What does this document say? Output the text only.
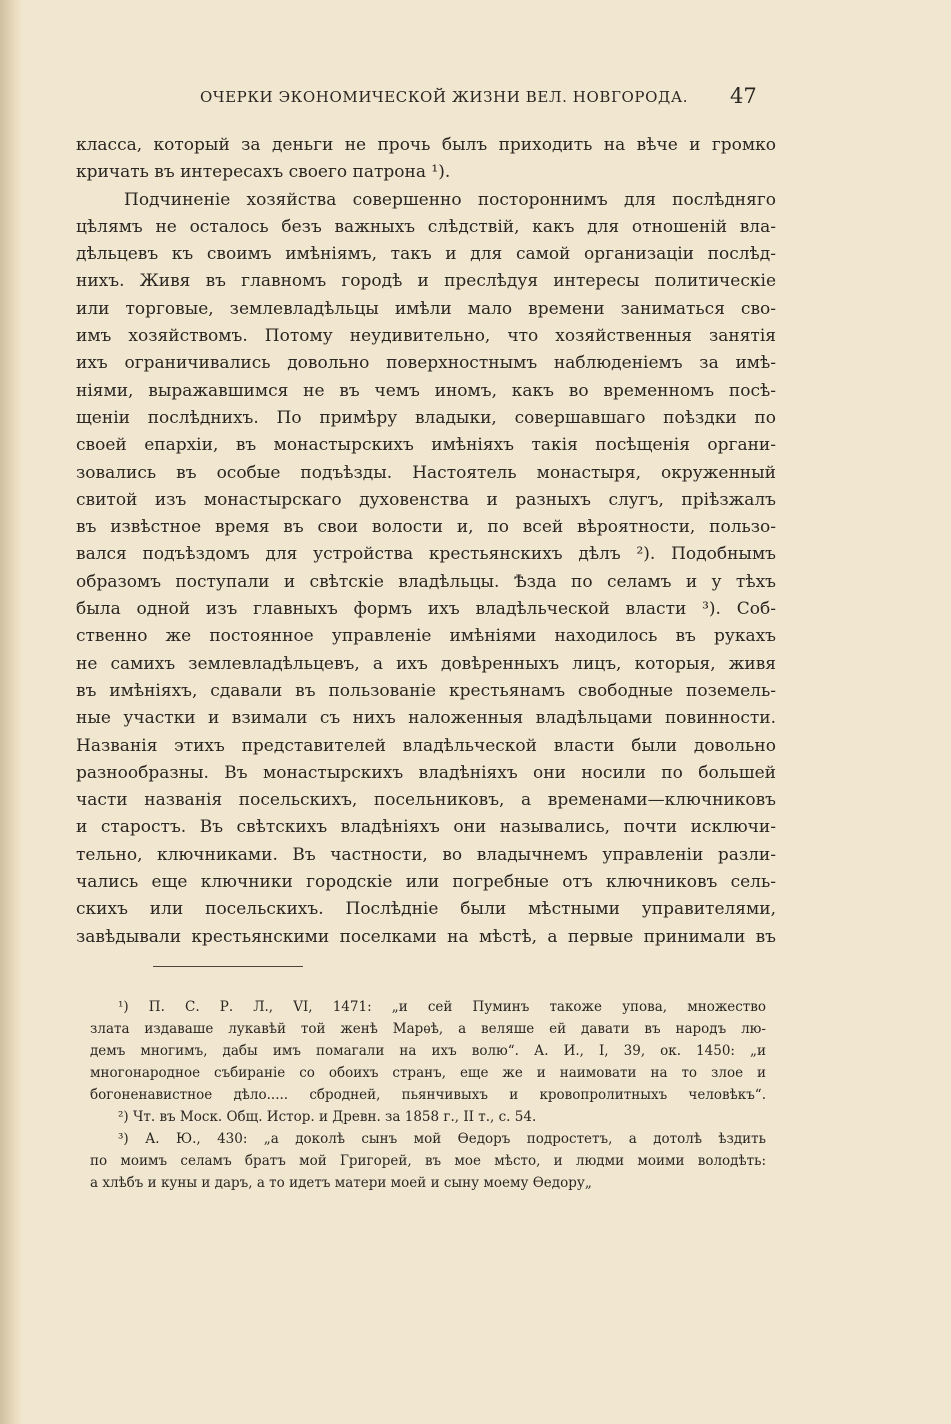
ОЧЕРКИ ЭКОНОМИЧЕСКОЙ ЖИЗНИ ВЕЛ. НОВГОРОДА. 47
класса, который за деньги не прочь былъ приходить на вѣче и громко
кричать въ интересахъ своего патрона ¹).
Подчиненіе хозяйства совершенно постороннимъ для послѣдняго
цѣлямъ не осталось безъ важныхъ слѣдствій, какъ для отношеній вла-
дѣльцевъ къ своимъ имѣніямъ, такъ и для самой организаціи послѣд-
нихъ. Живя въ главномъ городѣ и преслѣдуя интересы политическіе
или торговые, землевладѣльцы имѣли мало времени заниматься сво-
имъ хозяйствомъ. Потому неудивительно, что хозяйственныя занятія
ихъ ограничивались довольно поверхностнымъ наблюденіемъ за имѣ-
ніями, выражавшимся не въ чемъ иномъ, какъ во временномъ посѣ-
щеніи послѣднихъ. По примѣру владыки, совершавшаго поѣздки по
своей епархіи, въ монастырскихъ имѣніяхъ такія посѣщенія органи-
зовались въ особые подъѣзды. Настоятель монастыря, окруженный
свитой изъ монастырскаго духовенства и разныхъ слугъ, пріѣзжалъ
въ извѣстное время въ свои волости и, по всей вѣроятности, пользо-
вался подъѣздомъ для устройства крестьянскихъ дѣлъ ²). Подобнымъ
образомъ поступали и свѣтскіе владѣльцы. Ѣзда по селамъ и у тѣхъ
была одной изъ главныхъ формъ ихъ владѣльческой власти ³). Соб-
ственно же постоянное управленіе имѣніями находилось въ рукахъ
не самихъ землевладѣльцевъ, а ихъ довѣренныхъ лицъ, которыя, живя
въ имѣніяхъ, сдавали въ пользованіе крестьянамъ свободные поземель-
ные участки и взимали съ нихъ наложенныя владѣльцами повинности.
Названія этихъ представителей владѣльческой власти были довольно
разнообразны. Въ монастырскихъ владѣніяхъ они носили по большей
части названія посельскихъ, посельниковъ, а временами—ключниковъ
и старостъ. Въ свѣтскихъ владѣніяхъ они назывались, почти исключи-
тельно, ключниками. Въ частности, во владычнемъ управленіи разли-
чались еще ключники городскіе или погребные отъ ключниковъ сель-
скихъ или посельскихъ. Послѣдніе были мѣстными управителями,
завѣдывали крестьянскими поселками на мѣстѣ, а первые принимали въ
¹) П. С. Р. Л., VI, 1471: „и сей Пуминъ такоже упова, множество
злата издаваше лукавѣй той женѣ Марѳѣ, а веляше ей давати въ народъ лю-
демъ многимъ, дабы имъ помагали на ихъ волю“. А. И., I, 39, ок. 1450: „и
многонародное събираніе со обоихъ странъ, еще же и наимовати на то злое и
богоненавистное дѣло..... сбродней, пьянчивыхъ и кровопролитныхъ человѣкъ“.
²) Чт. въ Моск. Общ. Истор. и Древн. за 1858 г., II т., с. 54.
³) А. Ю., 430: „а доколѣ сынъ мой Ѳедоръ подростетъ, а дотолѣ ѣздить
по моимъ селамъ братъ мой Григорей, въ мое мѣсто, и людми моими володѣть:
а хлѣбъ и куны и даръ, а то идетъ матери моей и сыну моему Ѳедору„
